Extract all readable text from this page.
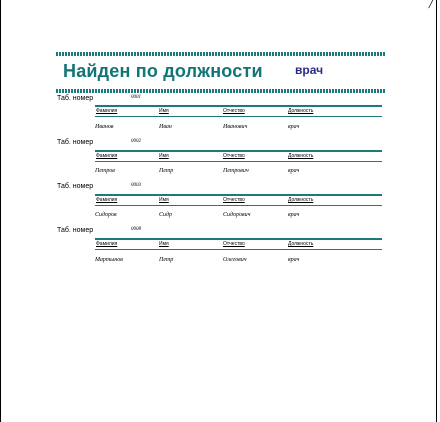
╱
Найден по должности	врач
Таб. номер	0001
Фамилия	Имя	Отчество	Должность
Иванов	Иван	Иванович	врач
Таб. номер	0002
Фамилия	Имя	Отчество	Должность
Петров	Петр	Петрович	врач
Таб. номер	0003
Фамилия	Имя	Отчество	Должность
Сидоров	Сидр	Сидорович	врач
Таб. номер	0008
Фамилия	Имя	Отчество	Должность
Мартынов	Петр	Олегович	врач
